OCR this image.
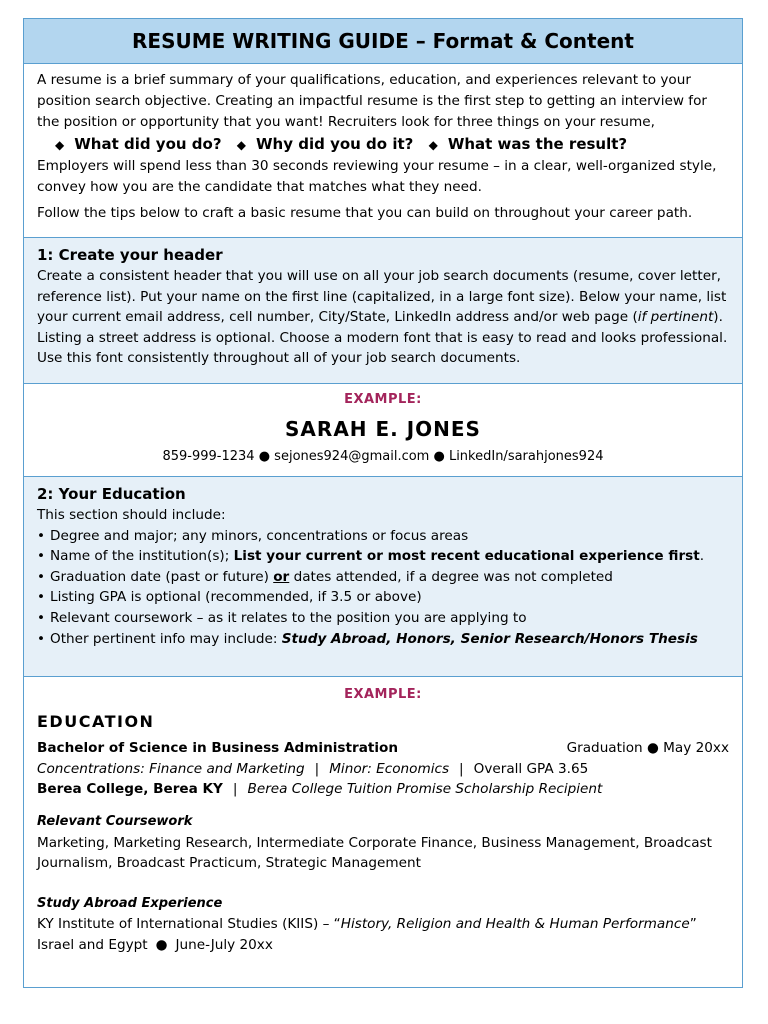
RESUME WRITING GUIDE – Format & Content

A resume is a brief summary of your qualifications, education, and experiences relevant to your position search objective. Creating an impactful resume is the first step to getting an interview for the position or opportunity that you want! Recruiters look for three things on your resume,

◆ What did you do? ◆ Why did you do it? ◆ What was the result?

Employers will spend less than 30 seconds reviewing your resume – in a clear, well-organized style, convey how you are the candidate that matches what they need.

Follow the tips below to craft a basic resume that you can build on throughout your career path.

1: Create your header
Create a consistent header that you will use on all your job search documents (resume, cover letter, reference list). Put your name on the first line (capitalized, in a large font size). Below your name, list your current email address, cell number, City/State, LinkedIn address and/or web page (if pertinent). Listing a street address is optional. Choose a modern font that is easy to read and looks professional. Use this font consistently throughout all of your job search documents.
EXAMPLE:
SARAH E. JONES
859-999-1234 ● sejones924@gmail.com ● LinkedIn/sarahjones924
2: Your Education
This section should include:
• Degree and major; any minors, concentrations or focus areas
• Name of the institution(s); List your current or most recent educational experience first.
• Graduation date (past or future) or dates attended, if a degree was not completed
• Listing GPA is optional (recommended, if 3.5 or above)
• Relevant coursework – as it relates to the position you are applying to
• Other pertinent info may include: Study Abroad, Honors, Senior Research/Honors Thesis
EXAMPLE:
EDUCATION
Bachelor of Science in Business Administration	Graduation ● May 20xx
Concentrations: Finance and Marketing | Minor: Economics | Overall GPA 3.65
Berea College, Berea KY | Berea College Tuition Promise Scholarship Recipient
Relevant Coursework
Marketing, Marketing Research, Intermediate Corporate Finance, Business Management, Broadcast Journalism, Broadcast Practicum, Strategic Management
Study Abroad Experience
KY Institute of International Studies (KIIS) – “History, Religion and Health & Human Performance”
Israel and Egypt ● June-July 20xx
